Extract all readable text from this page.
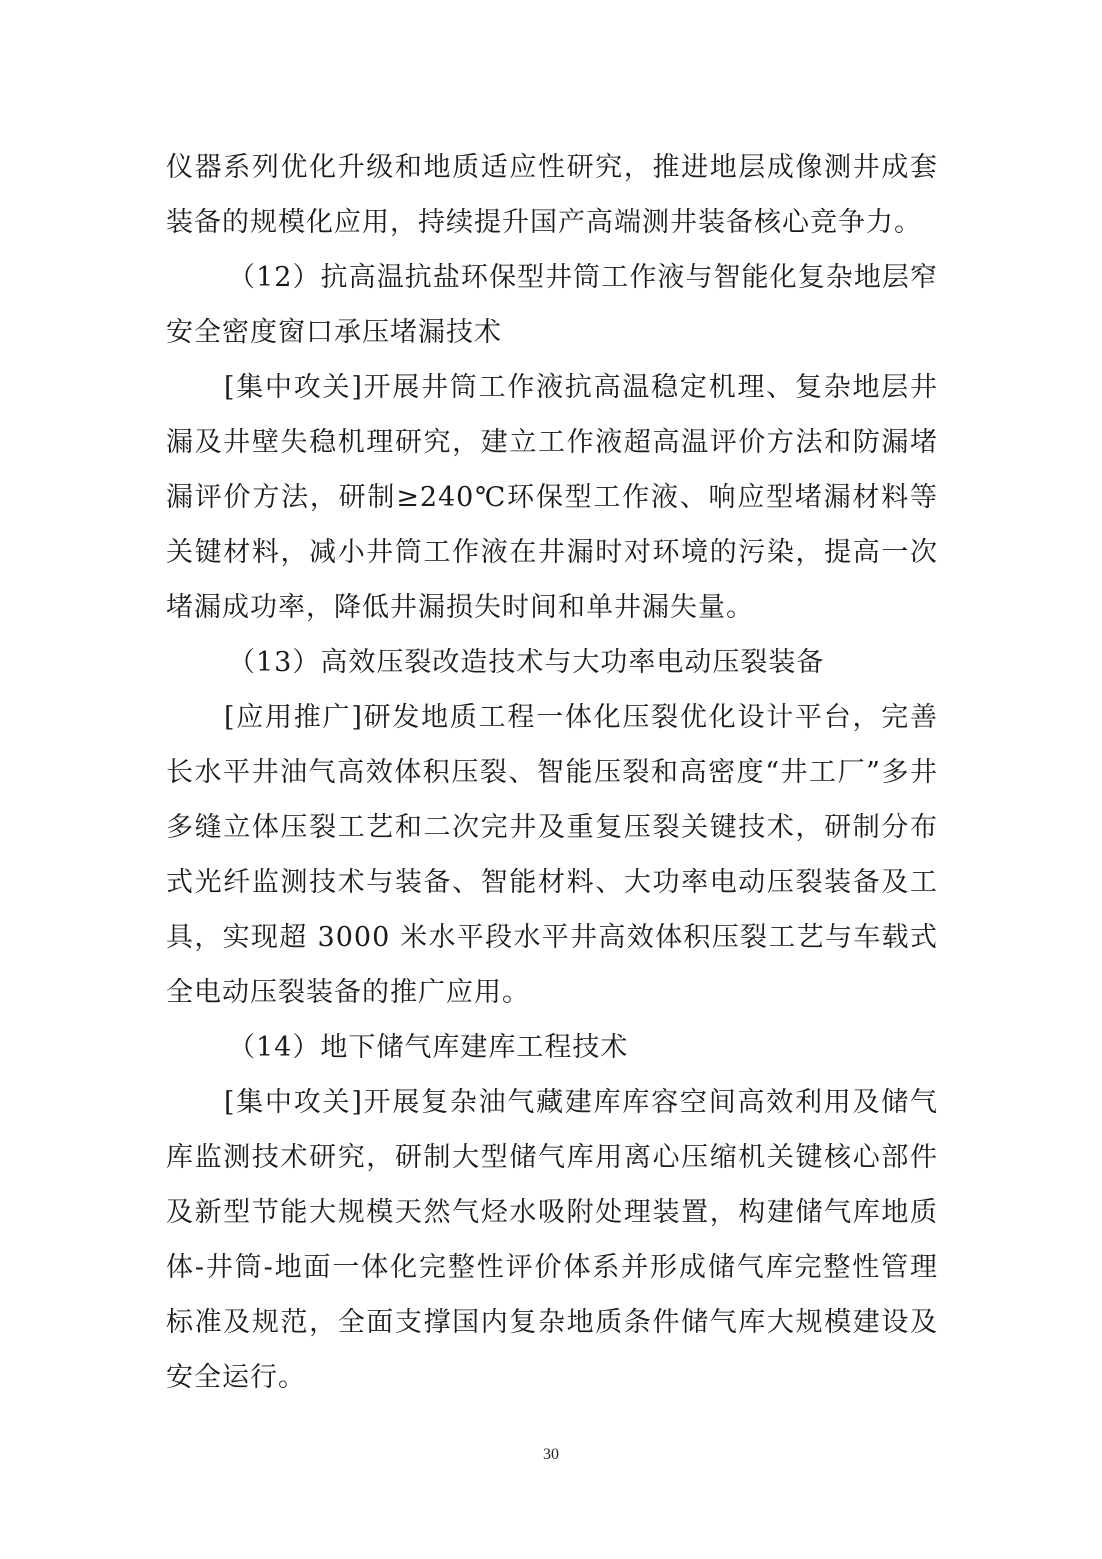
仪器系列优化升级和地质适应性研究，推进地层成像测井成套装备的规模化应用，持续提升国产高端测井装备核心竞争力。

（12）抗高温抗盐环保型井筒工作液与智能化复杂地层窄安全密度窗口承压堵漏技术

[集中攻关]开展井筒工作液抗高温稳定机理、复杂地层井漏及井壁失稳机理研究，建立工作液超高温评价方法和防漏堵漏评价方法，研制≥240℃环保型工作液、响应型堵漏材料等关键材料，减小井筒工作液在井漏时对环境的污染，提高一次堵漏成功率，降低井漏损失时间和单井漏失量。

（13）高效压裂改造技术与大功率电动压裂装备

[应用推广]研发地质工程一体化压裂优化设计平台，完善长水平井油气高效体积压裂、智能压裂和高密度“井工厂”多井多缝立体压裂工艺和二次完井及重复压裂关键技术，研制分布式光纤监测技术与装备、智能材料、大功率电动压裂装备及工具，实现超 3000 米水平段水平井高效体积压裂工艺与车载式全电动压裂装备的推广应用。

（14）地下储气库建库工程技术

[集中攻关]开展复杂油气藏建库库容空间高效利用及储气库监测技术研究，研制大型储气库用离心压缩机关键核心部件及新型节能大规模天然气烃水吸附处理装置，构建储气库地质体-井筒-地面一体化完整性评价体系并形成储气库完整性管理标准及规范，全面支撑国内复杂地质条件储气库大规模建设及安全运行。

30
